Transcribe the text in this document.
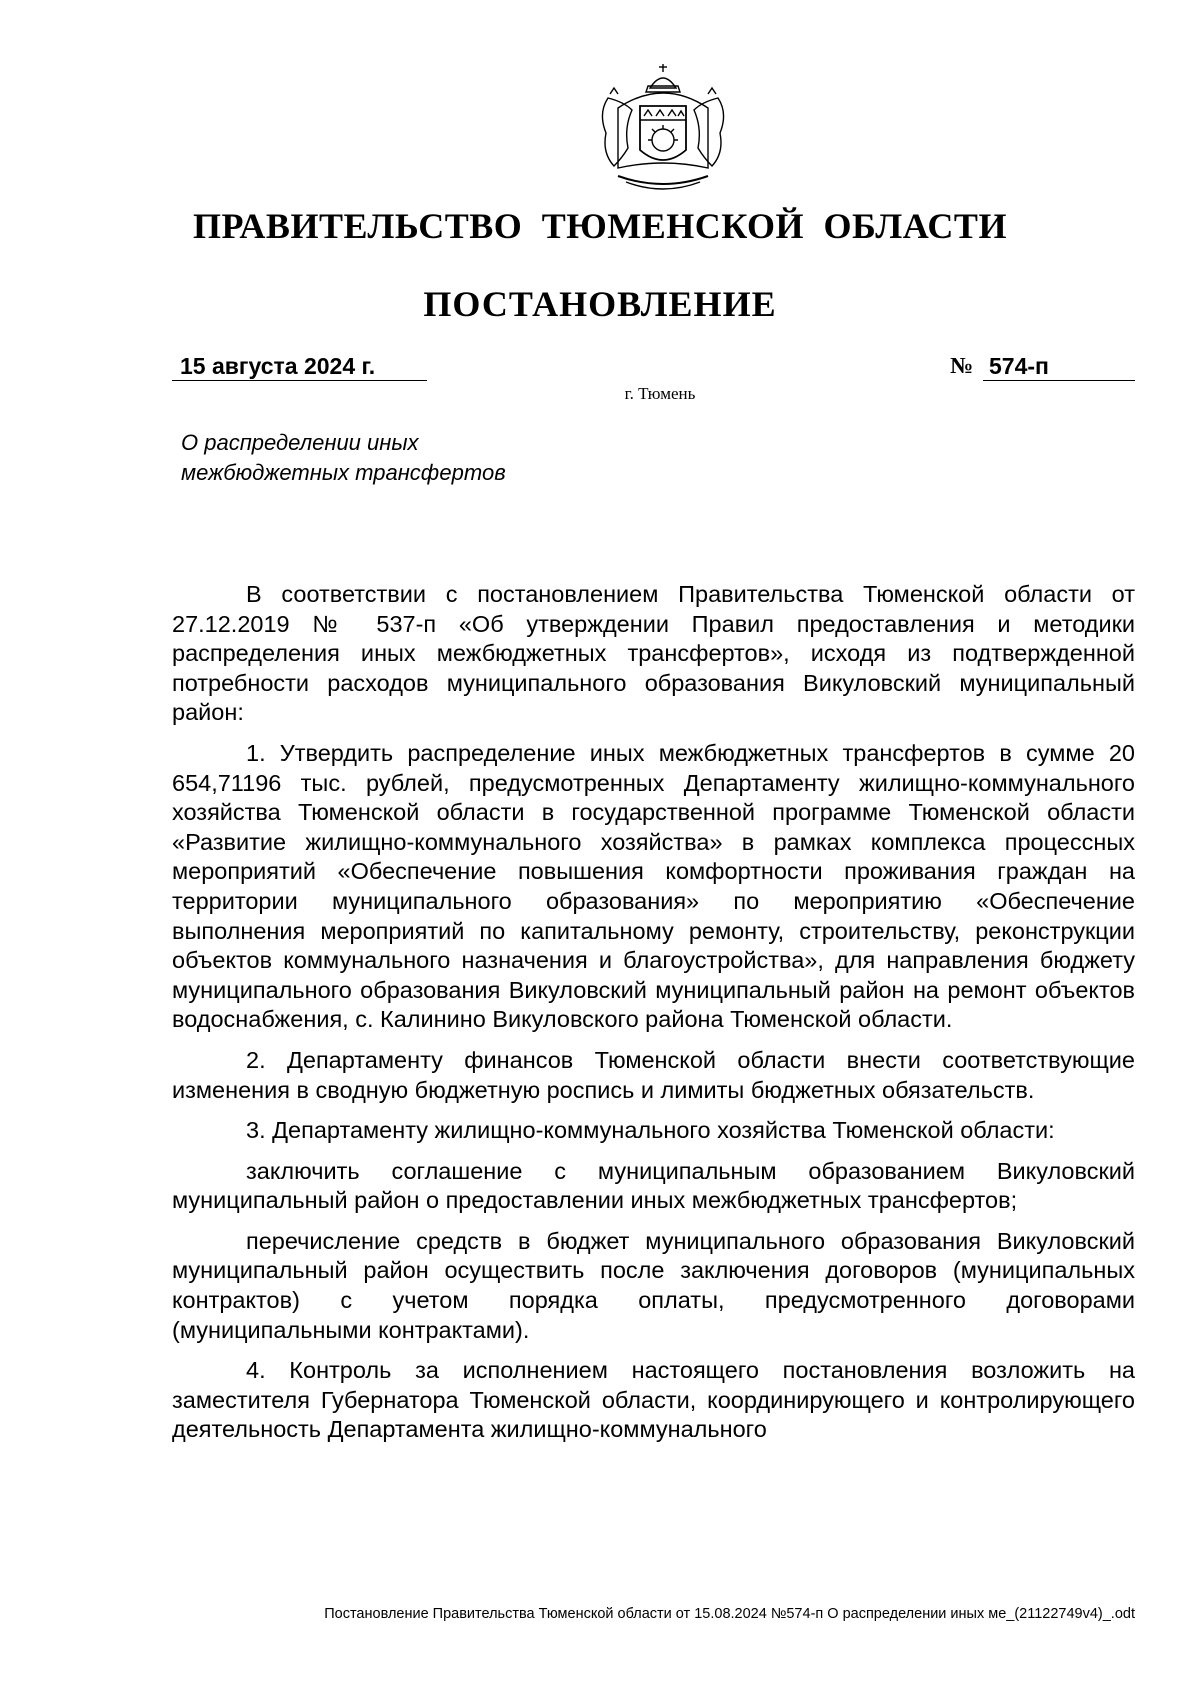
ПРАВИТЕЛЬСТВО ТЮМЕНСКОЙ ОБЛАСТИ
ПОСТАНОВЛЕНИЕ
15 августа 2024 г.	№ 574-п
г. Тюмень
О распределении иных
межбюджетных трансфертов

В соответствии с постановлением Правительства Тюменской области от 27.12.2019 № 537-п «Об утверждении Правил предоставления и методики распределения иных межбюджетных трансфертов», исходя из подтвержденной потребности расходов муниципального образования Викуловский муниципальный район:

1. Утвердить распределение иных межбюджетных трансфертов в сумме 20 654,71196 тыс. рублей, предусмотренных Департаменту жилищно-коммунального хозяйства Тюменской области в государственной программе Тюменской области «Развитие жилищно-коммунального хозяйства» в рамках комплекса процессных мероприятий «Обеспечение повышения комфортности проживания граждан на территории муниципального образования» по мероприятию «Обеспечение выполнения мероприятий по капитальному ремонту, строительству, реконструкции объектов коммунального назначения и благоустройства», для направления бюджету муниципального образования Викуловский муниципальный район на ремонт объектов водоснабжения, с. Калинино Викуловского района Тюменской области.

2. Департаменту финансов Тюменской области внести соответствующие изменения в сводную бюджетную роспись и лимиты бюджетных обязательств.

3. Департаменту жилищно-коммунального хозяйства Тюменской области:

заключить соглашение с муниципальным образованием Викуловский муниципальный район о предоставлении иных межбюджетных трансфертов;

перечисление средств в бюджет муниципального образования Викуловский муниципальный район осуществить после заключения договоров (муниципальных контрактов) с учетом порядка оплаты, предусмотренного договорами (муниципальными контрактами).

4. Контроль за исполнением настоящего постановления возложить на заместителя Губернатора Тюменской области, координирующего и контролирующего деятельность Департамента жилищно-коммунального

Постановление Правительства Тюменской области от 15.08.2024 №574-п О распределении иных ме_(21122749v4)_.odt
